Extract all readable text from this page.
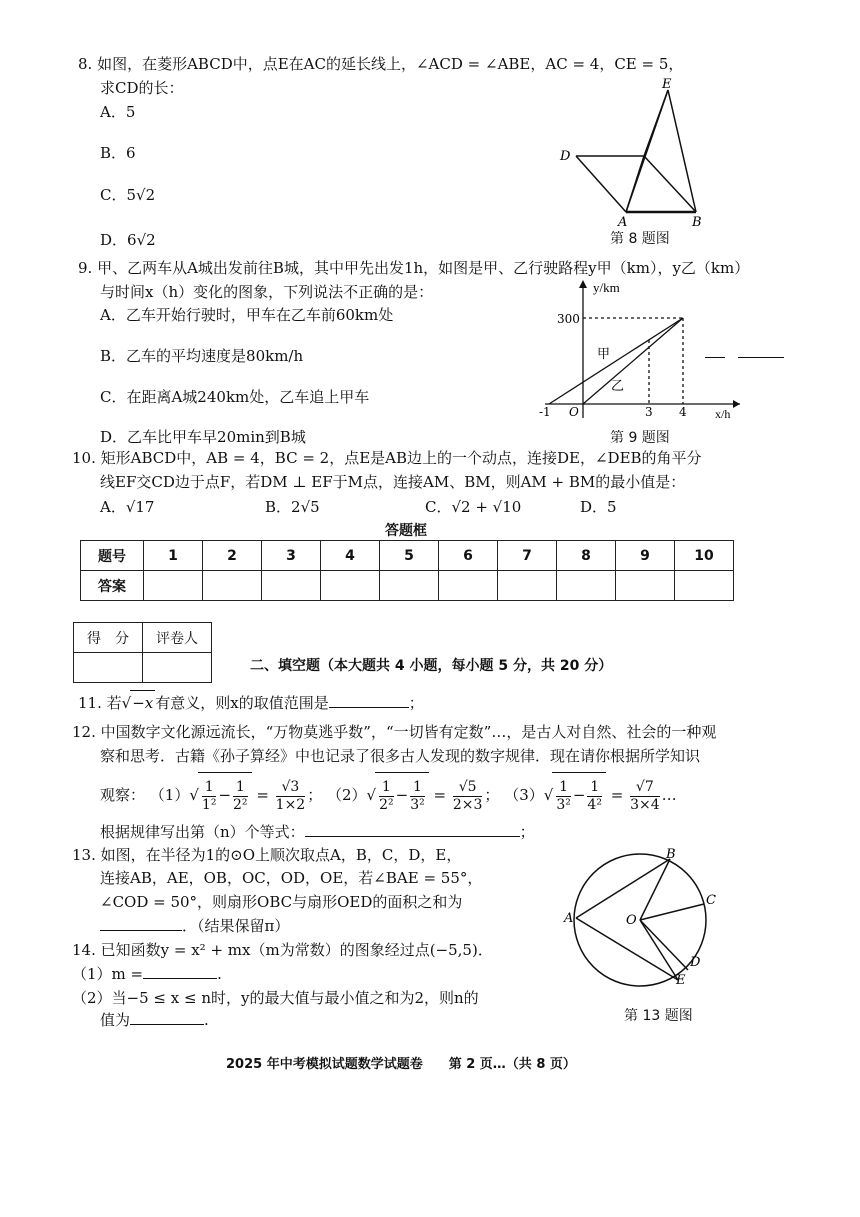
8. 如图，在菱形ABCD中，点E在AC的延长线上，∠ACD = ∠ABE，AC = 4，CE = 5，
求CD的长：
A．5
B．6
C．5√2
D．6√2
E
D
A	B
第 8 题图
9. 甲、乙两车从A城出发前往B城，其中甲先出发1h，如图是甲、乙行驶路程y甲（km），y乙（km）
与时间x（h）变化的图象，下列说法不正确的是：
A．乙车开始行驶时，甲车在乙车前60km处
B．乙车的平均速度是80km/h
C．在距离A城240km处，乙车追上甲车
D．乙车比甲车早20min到B城
y/km
x/h
300
-1 O	3 4
甲
乙
第 9 题图
10. 矩形ABCD中，AB = 4，BC = 2，点E是AB边上的一个动点，连接DE，∠DEB的角平分
线EF交CD边于点F，若DM ⊥ EF于M点，连接AM、BM，则AM + BM的最小值是：
A．√17	B．2√5	C．√2 + √10	D．5
答题框
题号	1	2	3	4	5	6	7	8	9	10
答案										
得　分	评卷人

二、填空题（本大题共 4 小题，每小题 5 分，共 20 分）
11. 若√−x 有意义，则x的取值范围是	；
12. 中国数字文化源远流长，“万物莫逃乎数”，“一切皆有定数”…，是古人对自然、社会的一种观
察和思考．古籍《孙子算经》中也记录了很多古人发现的数字规律．现在请你根据所学知识
观察： $(1)√ \frac{1}{\text{1²}} - \frac{1}{\text{2²}} = \frac{√3}{1\times 2}$ ； $(2)√ \frac{1}{\text{2²}} - \frac{1}{\text{3²}} = \frac{√5}{2\times 3}$ ； $(3)√ \frac{1}{\text{3²}} - \frac{1}{\text{4²}} = \frac{√7}{3\times 4}$ …
根据规律写出第（n）个等式：	；
13. 如图，在半径为1的⊙O上顺次取点A，B，C，D，E，
连接AB，AE，OB，OC，OD，OE，若∠BAE = 55°，
∠COD = 50°，则扇形OBC与扇形OED的面积之和为
．（结果保留π）
B
C
A	O
D
E
第 13 题图
14. 已知函数y = x² + mx（m为常数）的图象经过点(−5,5)．
（1）m =	.
（2）当−5 ≤ x ≤ n时，y的最大值与最小值之和为2，则n的
值为	.
2025 年中考模拟试题数学试题卷　　第 2 页…（共 8 页）
